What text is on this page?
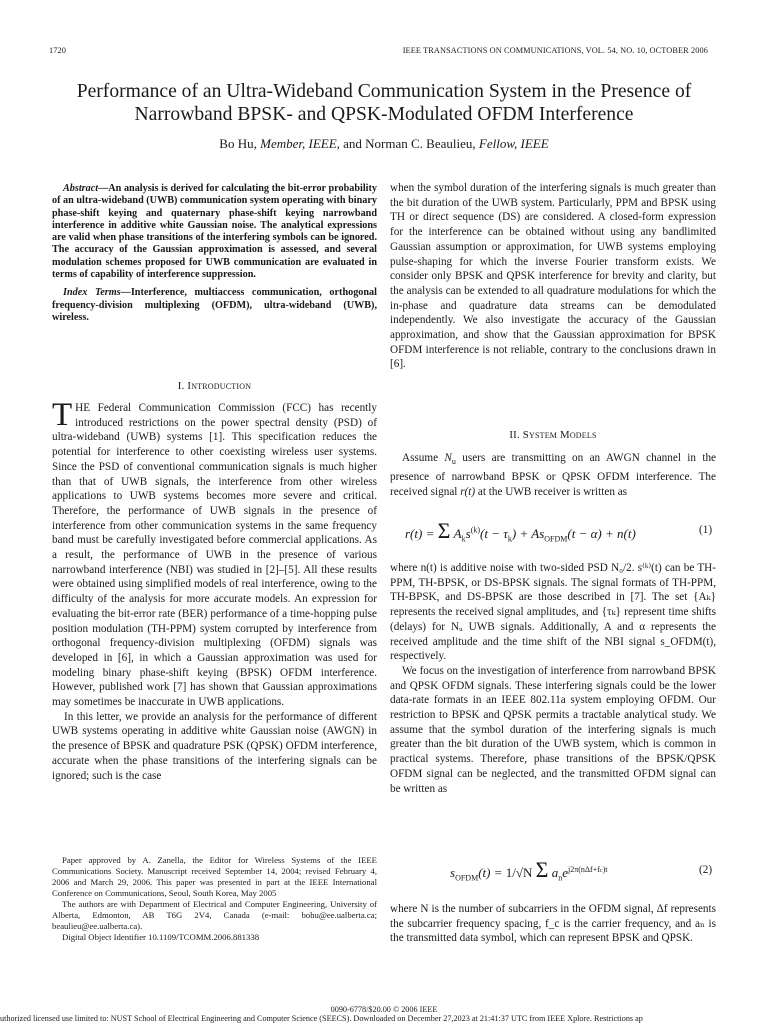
1720	IEEE TRANSACTIONS ON COMMUNICATIONS, VOL. 54, NO. 10, OCTOBER 2006
Performance of an Ultra-Wideband Communication System in the Presence of Narrowband BPSK- and QPSK-Modulated OFDM Interference
Bo Hu, Member, IEEE, and Norman C. Beaulieu, Fellow, IEEE

Abstract—An analysis is derived for calculating the bit-error probability of an ultra-wideband (UWB) communication system operating with binary phase-shift keying and quaternary phase-shift keying narrowband interference in additive white Gaussian noise. The analytical expressions are valid when phase transitions of the interfering symbols can be ignored. The accuracy of the Gaussian approximation is assessed, and several modulation schemes proposed for UWB communication are evaluated in terms of capability of interference suppression.

Index Terms—Interference, multiaccess communication, orthogonal frequency-division multiplexing (OFDM), ultra-wideband (UWB), wireless.

I. Introduction

THE Federal Communication Commission (FCC) has recently introduced restrictions on the power spectral density (PSD) of ultra-wideband (UWB) systems [1]. This specification reduces the potential for interference to other coexisting wireless user systems. Since the PSD of conventional communication signals is much higher than that of UWB signals, the interference from other wireless applications to UWB systems becomes more severe and critical. Therefore, the performance of UWB signals in the presence of interference from other communication systems in the same frequency band must be carefully investigated before commercial applications. As a result, the performance of UWB in the presence of various narrowband interference (NBI) was studied in [2]–[5]. All these results were obtained using simplified models of real interference, owing to the difficulty of the analysis for more accurate models. An expression for evaluating the bit-error rate (BER) performance of a time-hopping pulse position modulation (TH-PPM) system corrupted by interference from orthogonal frequency-division multiplexing (OFDM) signals was developed in [6], in which a Gaussian approximation was used for modeling binary phase-shift keying (BPSK) OFDM interference. However, published work [7] has shown that Gaussian approximations may sometimes be inaccurate in UWB applications.

In this letter, we provide an analysis for the performance of different UWB systems operating in additive white Gaussian noise (AWGN) in the presence of BPSK and quadrature PSK (QPSK) OFDM interference, accurate when the phase transitions of the interfering signals can be ignored; such is the case

Paper approved by A. Zanella, the Editor for Wireless Systems of the IEEE Communications Society. Manuscript received September 14, 2004; revised February 4, 2006 and March 29, 2006. This paper was presented in part at the IEEE International Conference on Communications, Seoul, South Korea, May 2005

The authors are with Department of Electrical and Computer Engineering, University of Alberta, Edmonton, AB T6G 2V4, Canada (e-mail: bohu@ee.ualberta.ca; beaulieu@ee.ualberta.ca).

Digital Object Identifier 10.1109/TCOMM.2006.881338

when the symbol duration of the interfering signals is much greater than the bit duration of the UWB system. Particularly, PPM and BPSK using TH or direct sequence (DS) are considered. A closed-form expression for the interference can be obtained without using any bandlimited Gaussian assumption or approximation, for UWB systems employing pulse-shaping for which the inverse Fourier transform exists. We consider only BPSK and QPSK interference for brevity and clarity, but the analysis can be extended to all quadrature modulations for which the in-phase and quadrature data streams can be demodulated independently. We also investigate the accuracy of the Gaussian approximation, and show that the Gaussian approximation for BPSK OFDM interference is not reliable, contrary to the conclusions drawn in [6].

II. System Models

Assume $N_u$ users are transmitting on an AWGN channel in the presence of narrowband BPSK or QPSK OFDM interference. The received signal r(t) at the UWB receiver is written as

r(t) = Σ $A_ks^{(k)}(t - \tau_k) + As_{OFDM}(t - \alpha) + n(t)$	(1)

where n(t) is additive noise with two-sided PSD N₀/2. s⁽ᵏ⁾(t) can be TH-PPM, TH-BPSK, or DS-BPSK signals. The signal formats of TH-PPM, TH-BPSK, and DS-BPSK are those described in [7]. The set {Aₖ} represents the received signal amplitudes, and {τₖ} represent time shifts (delays) for Nᵤ UWB signals. Additionally, A and α represents the received amplitude and the time shift of the NBI signal s_OFDM(t), respectively.

We focus on the investigation of interference from narrowband BPSK and QPSK OFDM signals. These interfering signals could be the lower data-rate formats in an IEEE 802.11a system employing OFDM. Our restriction to BPSK and QPSK permits a tractable analytical study. We assume that the symbol duration of the interfering signals is much greater than the bit duration of the UWB system, which is common in practical systems. Therefore, phase transitions of the BPSK/QPSK OFDM signal can be neglected, and the transmitted OFDM signal can be written as

$s_{OFDM}(t) = 1/√N$ Σ $a_ne^{j2\pi(n\Delta f+fc)t}$	(2)

where N is the number of subcarriers in the OFDM signal, Δf represents the subcarrier frequency spacing, f_c is the carrier frequency, and aₙ is the transmitted data symbol, which can represent BPSK and QPSK.

0090-6778/$20.00 © 2006 IEEE
uthorized licensed use limited to: NUST School of Electrical Engineering and Computer Science (SEECS). Downloaded on December 27,2023 at 21:41:37 UTC from IEEE Xplore. Restrictions ap
